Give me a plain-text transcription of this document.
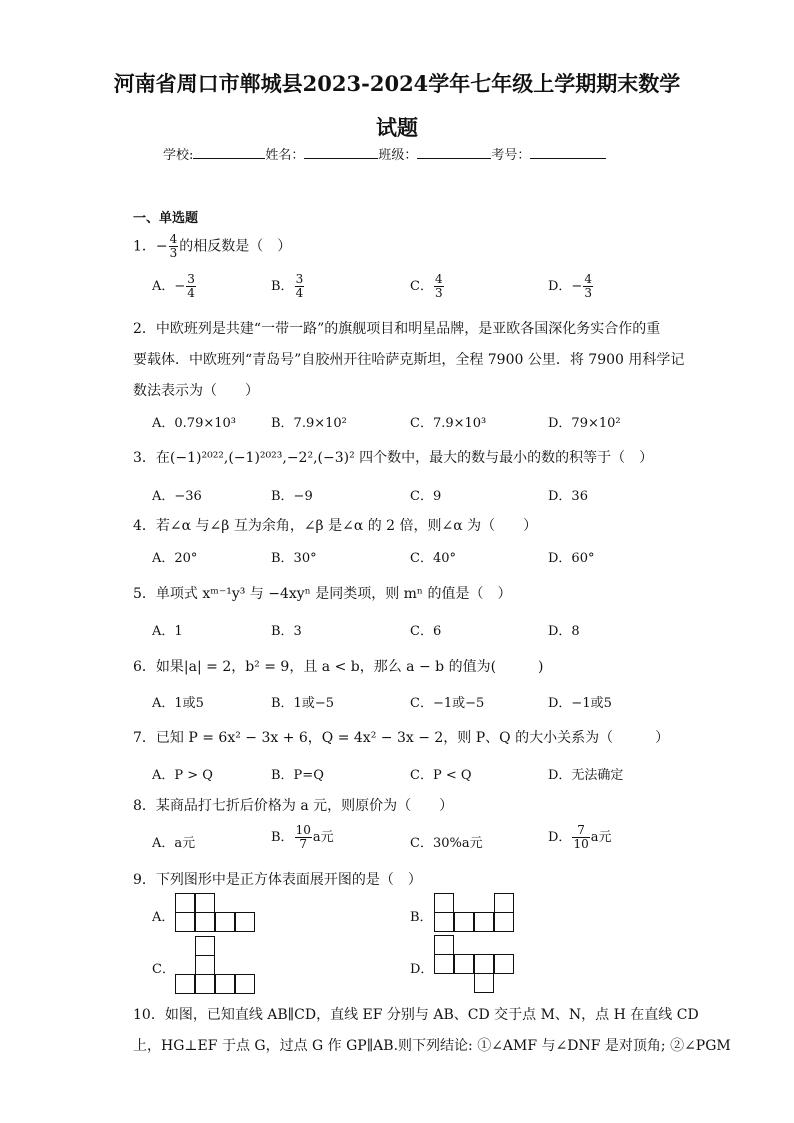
河南省周口市郸城县2023-2024学年七年级上学期期末数学
试题
学校:	姓名：	班级：	考号：
一、单选题
1．− $\frac{4}{3}$ 的相反数是（　）
A．− $\frac{3}{4}$	B． $\frac{3}{4}$	C． $\frac{4}{3}$	D．− $\frac{4}{3}$
2．中欧班列是共建“一带一路”的旗舰项目和明星品牌，是亚欧各国深化务实合作的重
要载体．中欧班列“青岛号”自胶州开往哈萨克斯坦，全程 7900 公里．将 7900 用科学记
数法表示为（　　）
A．0.79×10³	B．7.9×10²	C．7.9×10³	D．79×10²
3．在(−1)²⁰²²,(−1)²⁰²³,−2²,(−3)² 四个数中，最大的数与最小的数的积等于（　）
A．−36	B．−9	C．9	D．36
4．若∠α 与∠β 互为余角，∠β 是∠α 的 2 倍，则∠α 为（　　）
A．20°	B．30°	C．40°	D．60°
5．单项式 xᵐ⁻¹y³ 与 −4xyⁿ 是同类项，则 mⁿ 的值是（　）
A．1	B．3	C．6	D．8
6．如果|a| = 2，b² = 9，且 a < b，那么 a − b 的值为(　　　)
A．1或5	B．1或−5	C．−1或−5	D．−1或5
7．已知 P = 6x² − 3x + 6，Q = 4x² − 3x − 2，则 P、Q 的大小关系为（　　　）
A．P > Q	B．P=Q	C．P < Q	D．无法确定
8．某商品打七折后价格为 a 元，则原价为（　　）
A．a元	B． $\frac{10}{7}$ a元	C．30%a元	D． $\frac{7}{10}$ a元
9．下列图形中是正方体表面展开图的是（　）
A．	B．
C．	D．
10．如图，已知直线 AB∥CD，直线 EF 分别与 AB、CD 交于点 M、N，点 H 在直线 CD
上，HG⊥EF 于点 G，过点 G 作 GP∥AB.则下列结论: ①∠AMF 与∠DNF 是对顶角; ②∠PGM
